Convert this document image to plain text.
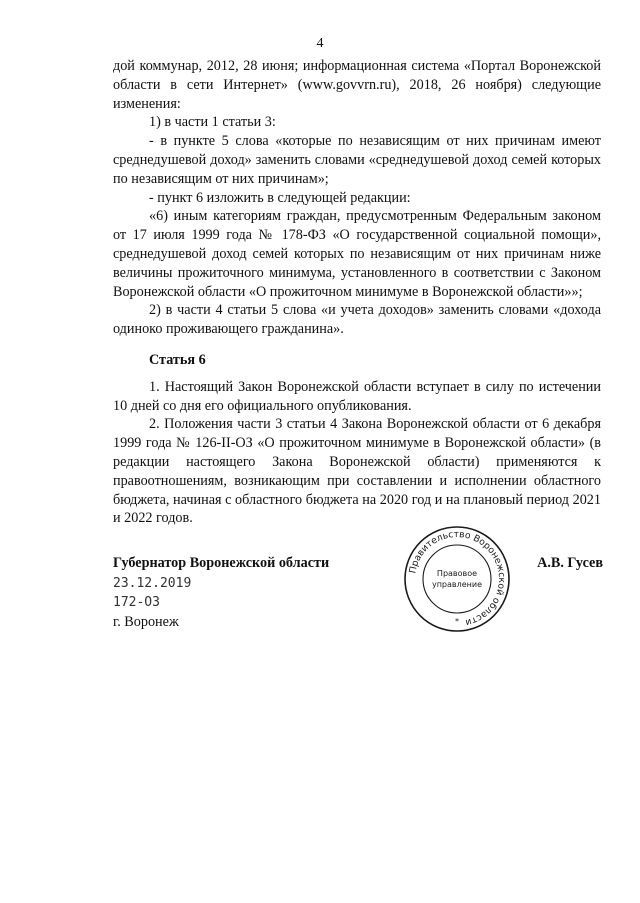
4

дой коммунар, 2012, 28 июня; информационная система «Портал Воронежской области в сети Интернет» (www.govvrn.ru), 2018, 26 ноября) следующие изменения:

1) в части 1 статьи 3:

- в пункте 5 слова «которые по независящим от них причинам имеют среднедушевой доход» заменить словами «среднедушевой доход семей которых по независящим от них причинам»;

- пункт 6 изложить в следующей редакции:

«6) иным категориям граждан, предусмотренным Федеральным законом от 17 июля 1999 года № 178-ФЗ «О государственной социальной помощи», среднедушевой доход семей которых по независящим от них причинам ниже величины прожиточного минимума, установленного в соответствии с Законом Воронежской области «О прожиточном минимуме в Воронежской области»»;

2) в части 4 статьи 5 слова «и учета доходов» заменить словами «дохода одиноко проживающего гражданина».

Статья 6

1. Настоящий Закон Воронежской области вступает в силу по истечении 10 дней со дня его официального опубликования.

2. Положения части 3 статьи 4 Закона Воронежской области от 6 декабря 1999 года № 126-II-ОЗ «О прожиточном минимуме в Воронежской области» (в редакции настоящего Закона Воронежской области) применяются к правоотношениям, возникающим при составлении и исполнении областного бюджета, начиная с областного бюджета на 2020 год и на плановый период 2021 и 2022 годов.

Губернатор Воронежской области	А.В. Гусев
23.12.2019
172-ОЗ
г. Воронеж
Правительство Воронежской области
Правовое
управление
*
